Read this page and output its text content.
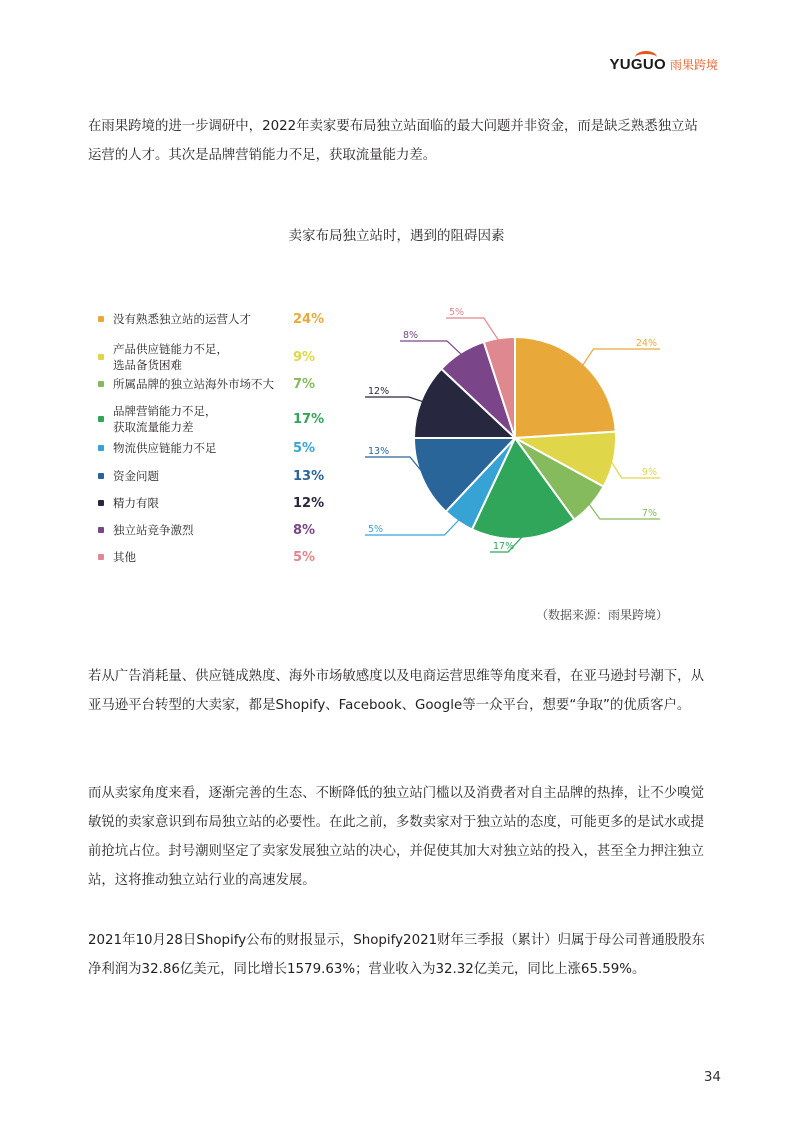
YUGUO 雨果跨境

在雨果跨境的进一步调研中，2022年卖家要布局独立站面临的最大问题并非资金，而是缺乏熟悉独立站运营的人才。其次是品牌营销能力不足，获取流量能力差。

卖家布局独立站时，遇到的阻碍因素
没有熟悉独立站的运营人才	24%
产品供应链能力不足，
选品备货困难
9%
所属品牌的独立站海外市场不大	7%
品牌营销能力不足，
获取流量能力差
17%
物流供应链能力不足	5%
资金问题	13%
精力有限	12%
独立站竞争激烈	8%
其他	5%
24%
9%
7%
17%
5%
13%
12%
8%
5%
（数据来源：雨果跨境）

若从广告消耗量、供应链成熟度、海外市场敏感度以及电商运营思维等角度来看，在亚马逊封号潮下，从亚马逊平台转型的大卖家，都是Shopify、Facebook、Google等一众平台，想要“争取”的优质客户。

而从卖家角度来看，逐渐完善的生态、不断降低的独立站门槛以及消费者对自主品牌的热捧，让不少嗅觉敏锐的卖家意识到布局独立站的必要性。在此之前，多数卖家对于独立站的态度，可能更多的是试水或提前抢坑占位。封号潮则坚定了卖家发展独立站的决心，并促使其加大对独立站的投入，甚至全力押注独立站，这将推动独立站行业的高速发展。

2021年10月28日Shopify公布的财报显示，Shopify2021财年三季报（累计）归属于母公司普通股股东净利润为32.86亿美元，同比增长1579.63%；营业收入为32.32亿美元，同比上涨65.59%。

34
